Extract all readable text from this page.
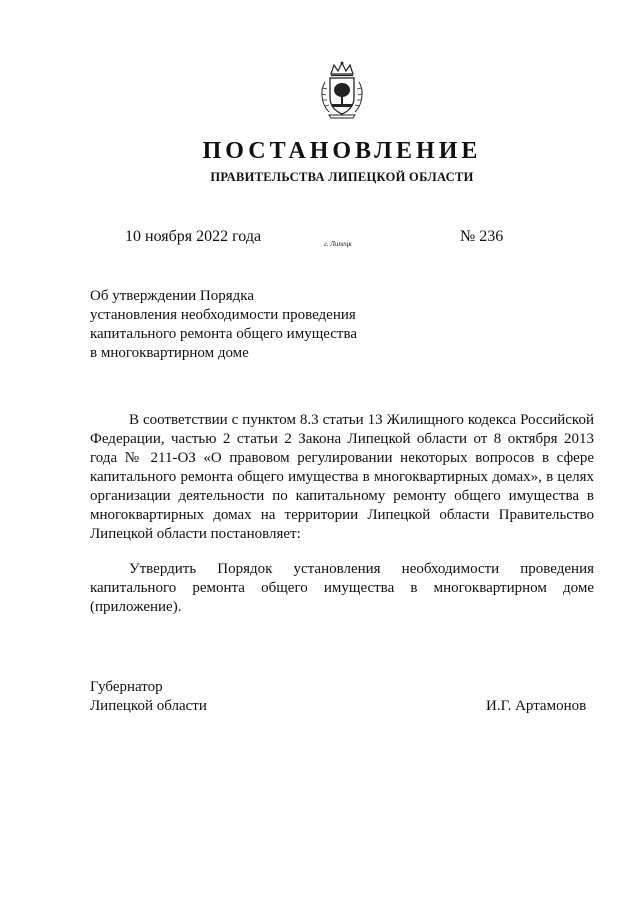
ПОСТАНОВЛЕНИЕ
ПРАВИТЕЛЬСТВА ЛИПЕЦКОЙ ОБЛАСТИ
10 ноября 2022 года	г. Липецк	№ 236
Об утверждении Порядка
установления необходимости проведения
капитального ремонта общего имущества
в многоквартирном доме

В соответствии с пунктом 8.3 статьи 13 Жилищного кодекса Российской Федерации, частью 2 статьи 2 Закона Липецкой области от 8 октября 2013 года № 211-ОЗ «О правовом регулировании некоторых вопросов в сфере капитального ремонта общего имущества в многоквартирных домах», в целях организации деятельности по капитальному ремонту общего имущества в многоквартирных домах на территории Липецкой области Правительство Липецкой области постановляет:

Утвердить Порядок установления необходимости проведения капитального ремонта общего имущества в многоквартирном доме (приложение).

Губернатор
Липецкой области	И.Г. Артамонов
